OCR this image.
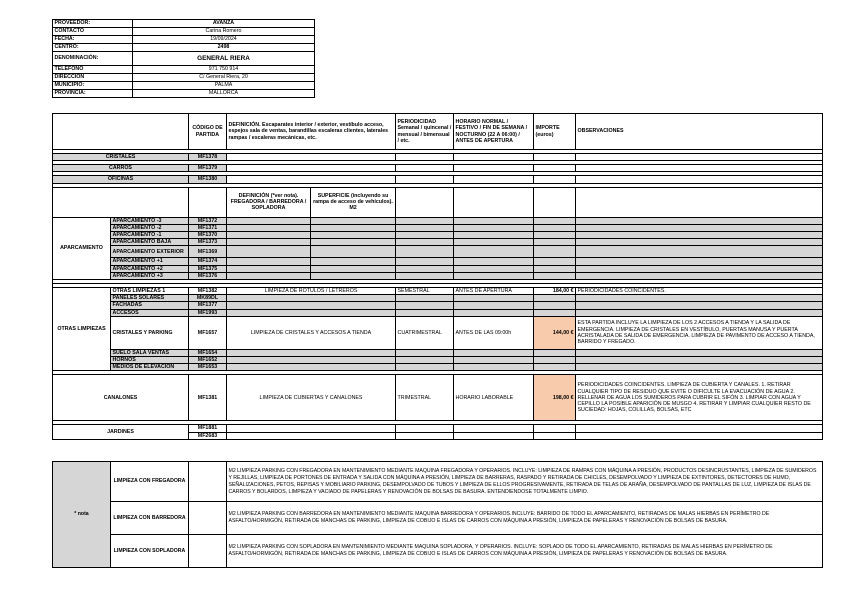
PROVEEDOR:	AVANZA
CONTACTO	Carina Romero
FECHA:	19/09/2024
CENTRO:	2498
DENOMINACIÓN:	GENERAL RIERA
TELÉFONO	971 750 914
DIRECCIÓN	C/ General Riera, 20
MUNICIPIO:	PALMA
PROVINCIA:	MALLORCA
		CÓDIGO DE PARTIDA	DEFINICIÓN. Escaparates interior / exterior, vestíbulo acceso, espejos sala de ventas, barandillas escaleras clientes, laterales rampas / escaleras mecánicas, etc.		PERIODICIDAD Semanal / quincenal / mensual / bimensual / etc.	HORARIO NORMAL / FESTIVO / FIN DE SEMANA / NOCTURNO (22 A 06:00) / ANTES DE APERTURA	IMPORTE (euros)	OBSERVACIONES

CRISTALES		MF1378						

CARROS		MF1379						

OFICINAS		MF1380						

			DEFINICIÓN (*ver nota). FREGADORA / BARREDORA / SOPLADORA	SUPERFICIE (incluyendo su rampa de acceso de vehículos). M2				
APARCAMIENTO	APARCAMIENTO -3	MF1372						
	APARCAMIENTO -2	MF1371						
	APARCAMIENTO -1	MF1370						
	APARCAMIENTO BAJA	MF1373						
	APARCAMIENTO EXTERIOR	MF1369						
	APARCAMIENTO +1	MF1374						
	APARCAMIENTO +2	MF1375						
	APARCAMIENTO +3	MF1376						

OTRAS LIMPIEZAS	OTRAS LIMPIEZAS 1	MF1382	LIMPIEZA DE RÓTULOS / LETREROS		SEMESTRAL	ANTES DE APERTURA	184,00 €	PERIODICIDADES COINCIDENTES.
	PANELES SOLARES	MK89DL						
	FACHADAS	MF1377						
	ACCESOS	MF1993						
	CRISTALES Y PARKING	MF1657	LIMPIEZA DE CRISTALES Y ACCESOS A TIENDA		CUATRIMESTRAL	ANTES DE LAS 09:00h	144,00 €	ESTA PARTIDA INCLUYE LA LIMPIEZA DE LOS 2 ACCESOS A TIENDA Y LA SALIDA DE EMERGENCIA. LIMPIEZA DE CRISTALES EN VESTÍBULO, PUERTAS MANUSA Y PUERTA ACRISTALADA DE SALIDA DE EMERGENCIA. LIMPIEZA DE PAVIMENTO DE ACCESO A TIENDA, BARRIDO Y FREGADO.
	SUELO SALA VENTAS	MF1654						
	HORNOS	MF1652						
	MEDIOS DE ELEVACIÓN	MF1653						

CANALONES		MF1381	LIMPIEZA DE CUBIERTAS Y CANALONES		TRIMESTRAL	HORARIO LABORABLE	198,00 €	PERIODICIDADES COINCIDENTES. LIMPIEZA DE CUBIERTA Y CANALES. 1. RETIRAR CUALQUIER TIPO DE RESIDUO QUE EVITE O DIFICULTE LA EVACUACIÓN DE AGUA 2. RELLENAR DE AGUA LOS SUMIDEROS PARA CUBRIR EL SIFÓN 3. LIMPIAR CON AGUA Y CEPILLO LA POSIBLE APARICIÓN DE MUSGO 4. RETIRAR Y LIMPIAR CUALQUIER RESTO DE SUCIEDAD: HOJAS, COLILLAS, BOLSAS, ETC

JARDINES		MF1881						
		MF2683						
* nota	LIMPIEZA CON FREGADORA		M2 LIMPIEZA PARKING CON FREGADORA EN MANTENIMIENTO MEDIANTE MAQUINA FREGADORA Y OPERARIOS. INCLUYE: LIMPIEZA DE RAMPAS CON MÁQUINA A PRESIÓN, PRODUCTOS DESINCRUSTANTES, LIMPIEZA DE SUMIDEROS Y REJILLAS, LIMPIEZA DE PORTONES DE ENTRADA Y SALIDA CON MÁQUINA A PRESIÓN, LIMPIEZA DE BARRERAS, RASPADO Y RETIRADA DE CHICLES, DESEMPOLVADO Y LIMPIEZA DE EXTINTORES, DETECTORES DE HUMO, SEÑALIZACIONES, PETOS, REPISAS Y MOBILIARIO PARKING, DESEMPOLVADO DE TUBOS Y LIMPIEZA DE ELLOS PROGRESIVAMENTE, RETIRADA DE TELAS DE ARAÑA, DESEMPOLVADO DE PANTALLAS DE LUZ, LIMPIEZA DE ISLAS DE CARROS Y BOLARDOS, LIMPIEZA Y VACIADO DE PAPELERAS Y RENOVACIÓN DE BOLSAS DE BASURA. ENTENDIENDOSE TOTALMENTE LIMPIO.
	LIMPIEZA CON BARREDORA		M2 LIMPIEZA PARKING CON BARREDORA EN MANTENIMIENTO MEDIANTE MAQUINA BARREDORA Y OPERARIOS.INCLUYE: BARRIDO DE TODO EL APARCAMIENTO, RETIRADAS DE MALAS HIERBAS EN PERÍMETRO DE ASFALTO/HORMIGÓN, RETIRADA DE MANCHAS DE PARKING, LIMPIEZA DE COBIJO E ISLAS DE CARROS CON MÁQUINA A PRESIÓN, LIMPIEZA DE PAPELERAS Y RENOVACIÓN DE BOLSAS DE BASURA.
	LIMPIEZA CON SOPLADORA		M2 LIMPIEZA PARKING CON SOPLADORA EN MANTENIMIENTO MEDIANTE MAQUINA SOPLADORA, Y OPERARIOS. INCLUYE: SOPLADO DE TODO EL APARCAMIENTO, RETIRADAS DE MALAS HIERBAS EN PERÍMETRO DE ASFALTO/HORMIGÓN, RETIRADA DE MANCHAS DE PARKING, LIMPIEZA DE COBIJO E ISLAS DE CARROS CON MÁQUINA A PRESIÓN, LIMPIEZA DE PAPELERAS Y RENOVACIÓN DE BOLSAS DE BASURA.
